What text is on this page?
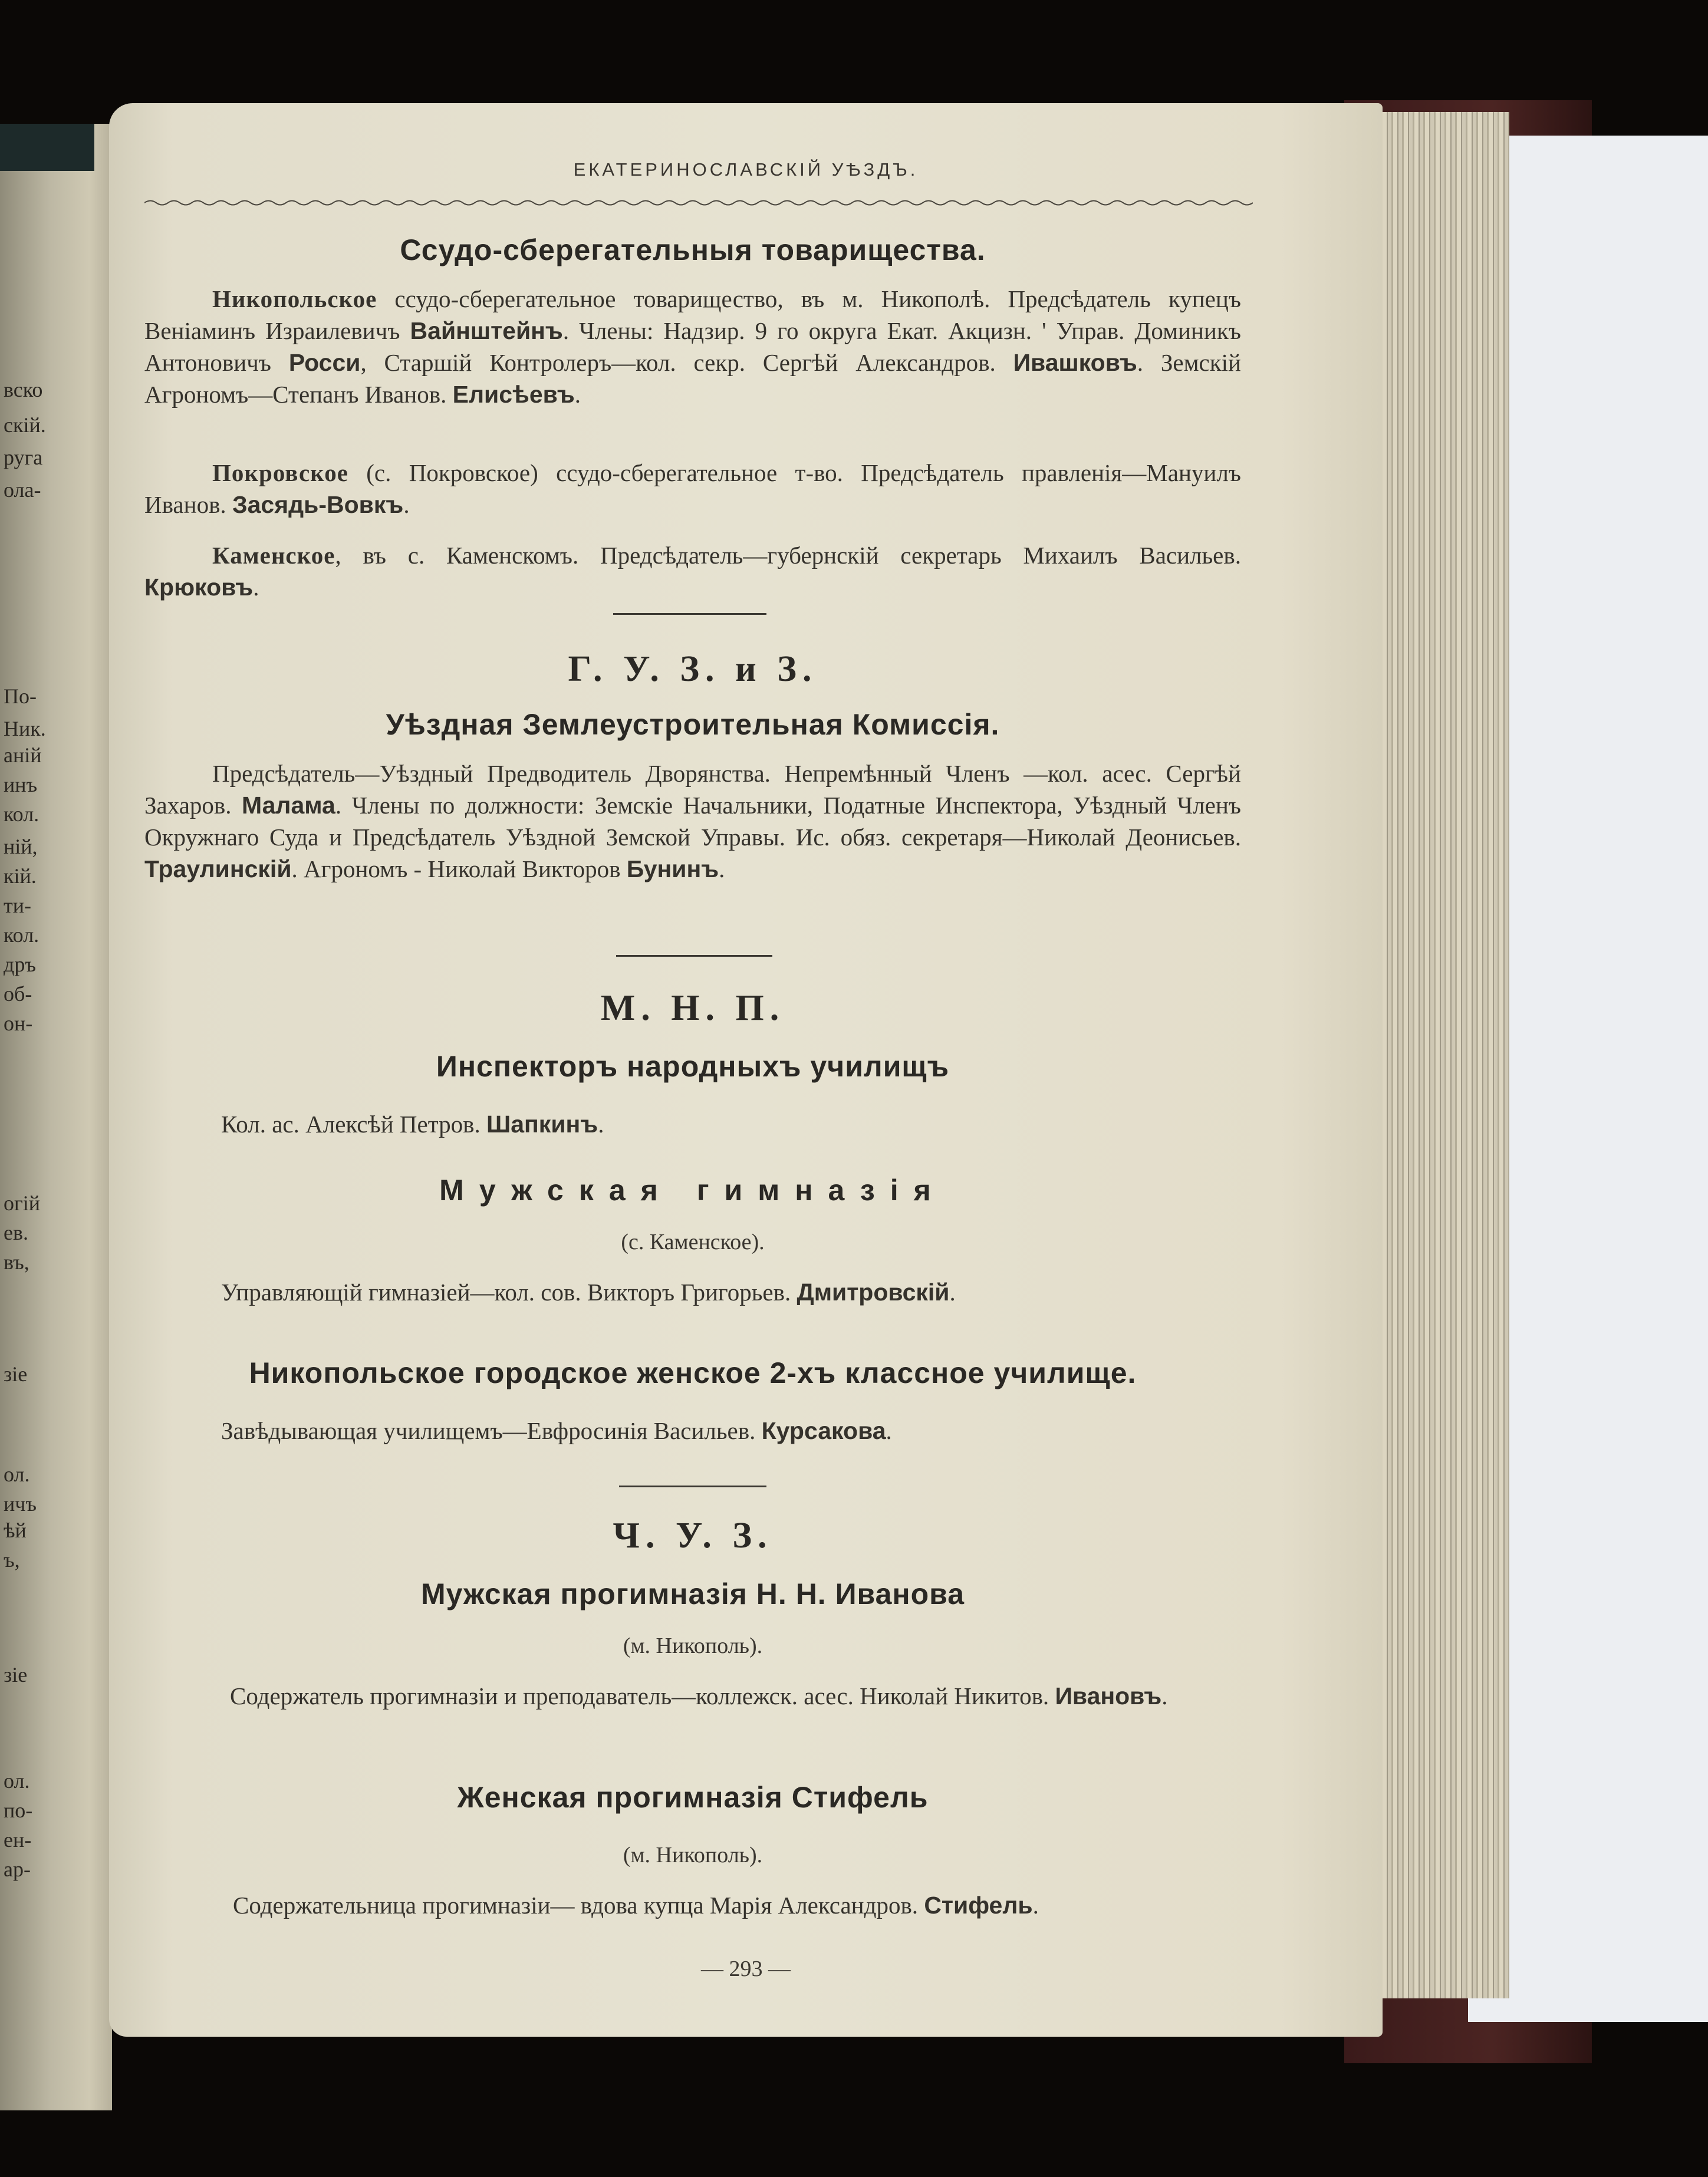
вско
скій.
руга
ола-
По-
Ник.
аній
инъ
кол.
ній,
кій.
ти-
кол.
дръ
об-
он-
огій
ев.
въ,
зіе
ол.
ичъ
ѣй
ъ,
зіе
ол.
по-
ен-
ар-
ЕКАТЕРИНОСЛАВСКІЙ УѢЗДЪ.
Ссудо-сберегательныя товарищества.

Никопольское ссудо-сберегательное товарищество, въ м. Никополѣ. Предсѣдатель купецъ Веніаминъ Израилевичъ Вайнштейнъ. Члены: Надзир. 9 го округа Екат. Акцизн. ' Управ. Доминикъ Антоновичъ Росси, Старшій Контролеръ—кол. секр. Сергѣй Александров. Ивашковъ. Земскій Агрономъ—Степанъ Иванов. Елисѣевъ.

Покровское (с. Покровское) ссудо-сберегательное т-во. Предсѣдатель правленія—Мануилъ Иванов. Засядь-Вовкъ.

Каменское, въ с. Каменскомъ. Предсѣдатель—губернскій секретарь Михаилъ Васильев. Крюковъ.

Г. У. З. и З.
Уѣздная Землеустроительная Комиссія.

Предсѣдатель—Уѣздный Предводитель Дворянства. Непремѣнный Членъ —кол. асес. Сергѣй Захаров. Малама. Члены по должности: Земскіе Начальники, Податные Инспектора, Уѣздный Членъ Окружнаго Суда и Предсѣдатель Уѣздной Земской Управы. Ис. обяз. секретаря—Николай Деонисьев. Траулинскій. Агрономъ - Николай Викторов Бунинъ.

М. Н. П.
Инспекторъ народныхъ училищъ

Кол. ас. Алексѣй Петров. Шапкинъ.

Мужская гимназія
(с. Каменское).

Управляющій гимназіей—кол. сов. Викторъ Григорьев. Дмитровскій.

Никопольское городское женское 2-хъ классное училище.

Завѣдывающая училищемъ—Евфросинія Васильев. Курсакова.

Ч. У. З.
Мужская прогимназія Н. Н. Иванова
(м. Никополь).

Содержатель прогимназіи и преподаватель—коллежск. асес. Николай Никитов. Ивановъ.

Женская прогимназія Стифель
(м. Никополь).

Содержательница прогимназіи— вдова купца Марія Александров. Стифель.

— 293 —
